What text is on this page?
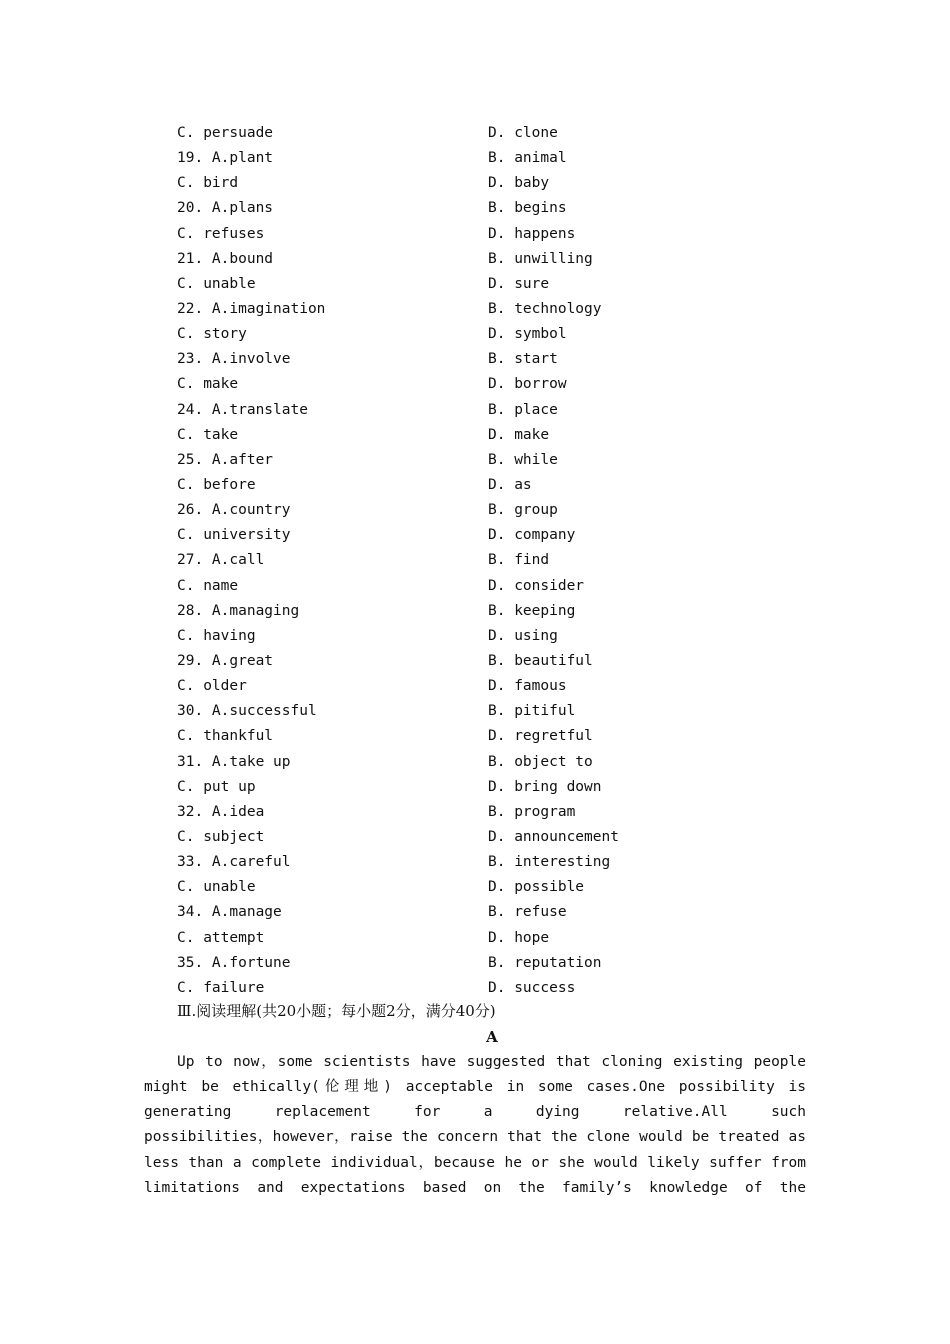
C. persuade	D. clone
19. A.plant	B. animal
C. bird	D. baby
20. A.plans	B. begins
C. refuses	D. happens
21. A.bound	B. unwilling
C. unable	D. sure
22. A.imagination	B. technology
C. story	D. symbol
23. A.involve	B. start
C. make	D. borrow
24. A.translate	B. place
C. take	D. make
25. A.after	B. while
C. before	D. as
26. A.country	B. group
C. university	D. company
27. A.call	B. find
C. name	D. consider
28. A.managing	B. keeping
C. having	D. using
29. A.great	B. beautiful
C. older	D. famous
30. A.successful	B. pitiful
C. thankful	D. regretful
31. A.take up	B. object to
C. put up	D. bring down
32. A.idea	B. program
C. subject	D. announcement
33. A.careful	B. interesting
C. unable	D. possible
34. A.manage	B. refuse
C. attempt	D. hope
35. A.fortune	B. reputation
C. failure	D. success
Ⅲ.阅读理解(共20小题；每小题2分，满分40分)
A
Up to now，some scientists have suggested that cloning existing people
might be ethically(伦理地) acceptable in some cases.One possibility is
generating replacement for a dying relative.All such
possibilities，however，raise the concern that the clone would be treated as
less than a complete individual，because he or she would likely suffer from
limitations and expectations based on the family’s knowledge of the
